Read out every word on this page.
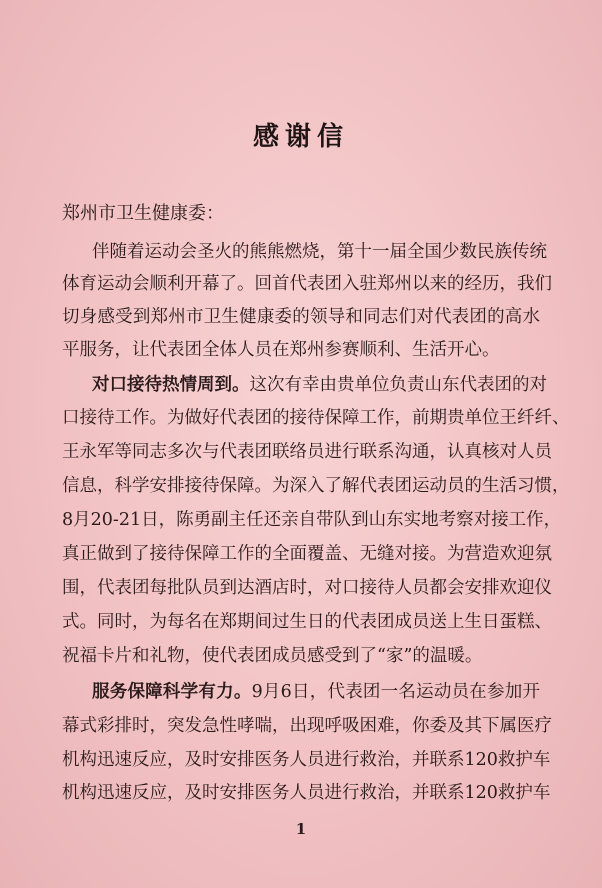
感谢信
郑州市卫生健康委：
伴随着运动会圣火的熊熊燃烧，第十一届全国少数民族传统
体育运动会顺利开幕了。回首代表团入驻郑州以来的经历，我们
切身感受到郑州市卫生健康委的领导和同志们对代表团的高水
平服务，让代表团全体人员在郑州参赛顺利、生活开心。
对口接待热情周到。这次有幸由贵单位负责山东代表团的对
口接待工作。为做好代表团的接待保障工作，前期贵单位王纤纤、
王永军等同志多次与代表团联络员进行联系沟通，认真核对人员
信息，科学安排接待保障。为深入了解代表团运动员的生活习惯，
8月20-21日，陈勇副主任还亲自带队到山东实地考察对接工作，
真正做到了接待保障工作的全面覆盖、无缝对接。为营造欢迎氛
围，代表团每批队员到达酒店时，对口接待人员都会安排欢迎仪
式。同时，为每名在郑期间过生日的代表团成员送上生日蛋糕、
祝福卡片和礼物，使代表团成员感受到了“家”的温暖。
服务保障科学有力。9月6日，代表团一名运动员在参加开
幕式彩排时，突发急性哮喘，出现呼吸困难，你委及其下属医疗
机构迅速反应，及时安排医务人员进行救治，并联系120救护车
机构迅速反应，及时安排医务人员进行救治，并联系120救护车
1
